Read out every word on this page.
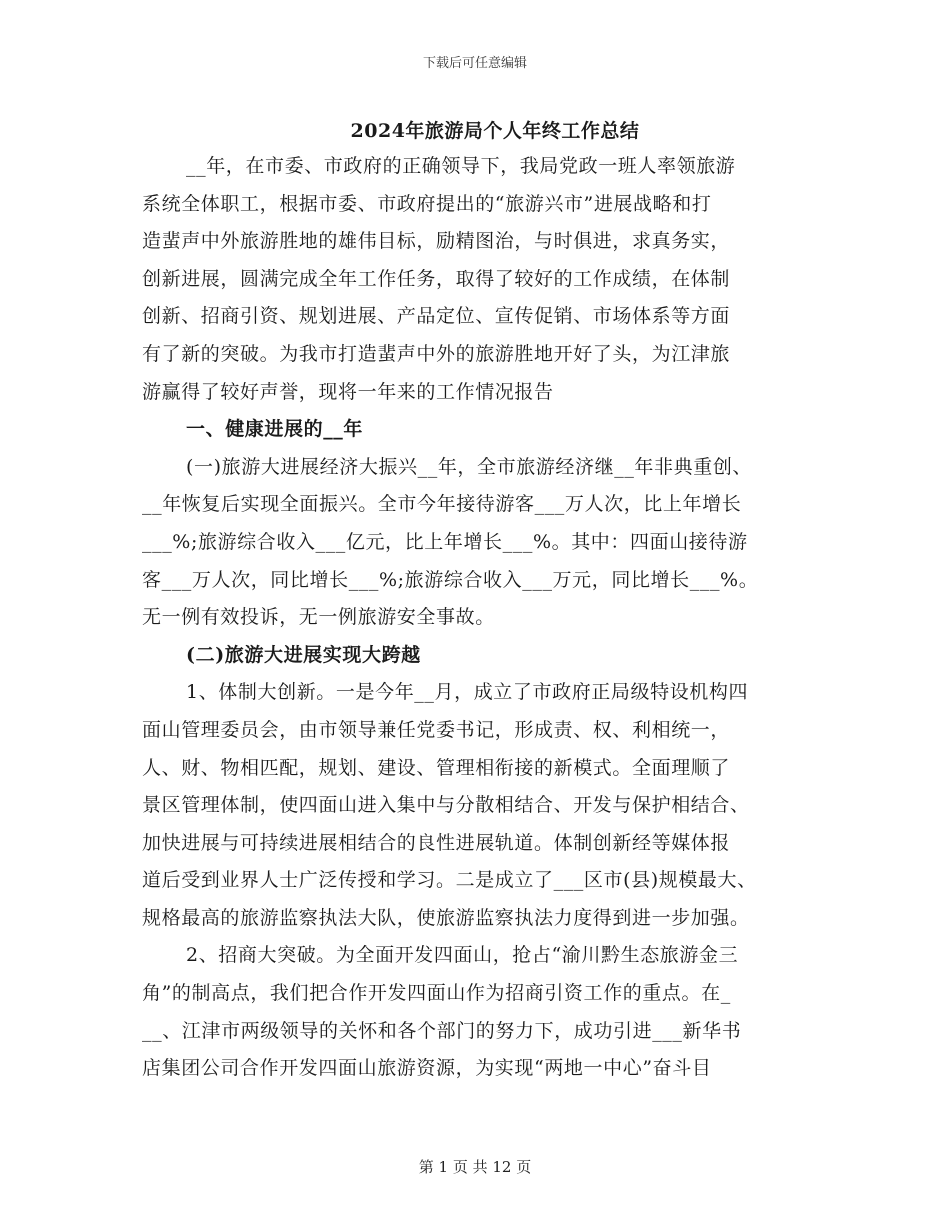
下载后可任意编辑
2024年旅游局个人年终工作总结
__年，在市委、市政府的正确领导下，我局党政一班人率领旅游
系统全体职工，根据市委、市政府提出的“旅游兴市”进展战略和打
造蜚声中外旅游胜地的雄伟目标，励精图治，与时俱进，求真务实，
创新进展，圆满完成全年工作任务，取得了较好的工作成绩，在体制
创新、招商引资、规划进展、产品定位、宣传促销、市场体系等方面
有了新的突破。为我市打造蜚声中外的旅游胜地开好了头，为江津旅
游赢得了较好声誉，现将一年来的工作情况报告
一、健康进展的__年
(一)旅游大进展经济大振兴__年，全市旅游经济继__年非典重创、
__年恢复后实现全面振兴。全市今年接待游客___万人次，比上年增长
___%;旅游综合收入___亿元，比上年增长___%。其中：四面山接待游
客___万人次，同比增长___%;旅游综合收入___万元，同比增长___%。
无一例有效投诉，无一例旅游安全事故。
(二)旅游大进展实现大跨越
1、体制大创新。一是今年__月，成立了市政府正局级特设机构四
面山管理委员会，由市领导兼任党委书记，形成责、权、利相统一，
人、财、物相匹配，规划、建设、管理相衔接的新模式。全面理顺了
景区管理体制，使四面山进入集中与分散相结合、开发与保护相结合、
加快进展与可持续进展相结合的良性进展轨道。体制创新经等媒体报
道后受到业界人士广泛传授和学习。二是成立了___区市(县)规模最大、
规格最高的旅游监察执法大队，使旅游监察执法力度得到进一步加强。
2、招商大突破。为全面开发四面山，抢占“渝川黔生态旅游金三
角”的制高点，我们把合作开发四面山作为招商引资工作的重点。在_
__、江津市两级领导的关怀和各个部门的努力下，成功引进___新华书
店集团公司合作开发四面山旅游资源，为实现“两地一中心”奋斗目
第 1 页 共 12 页
